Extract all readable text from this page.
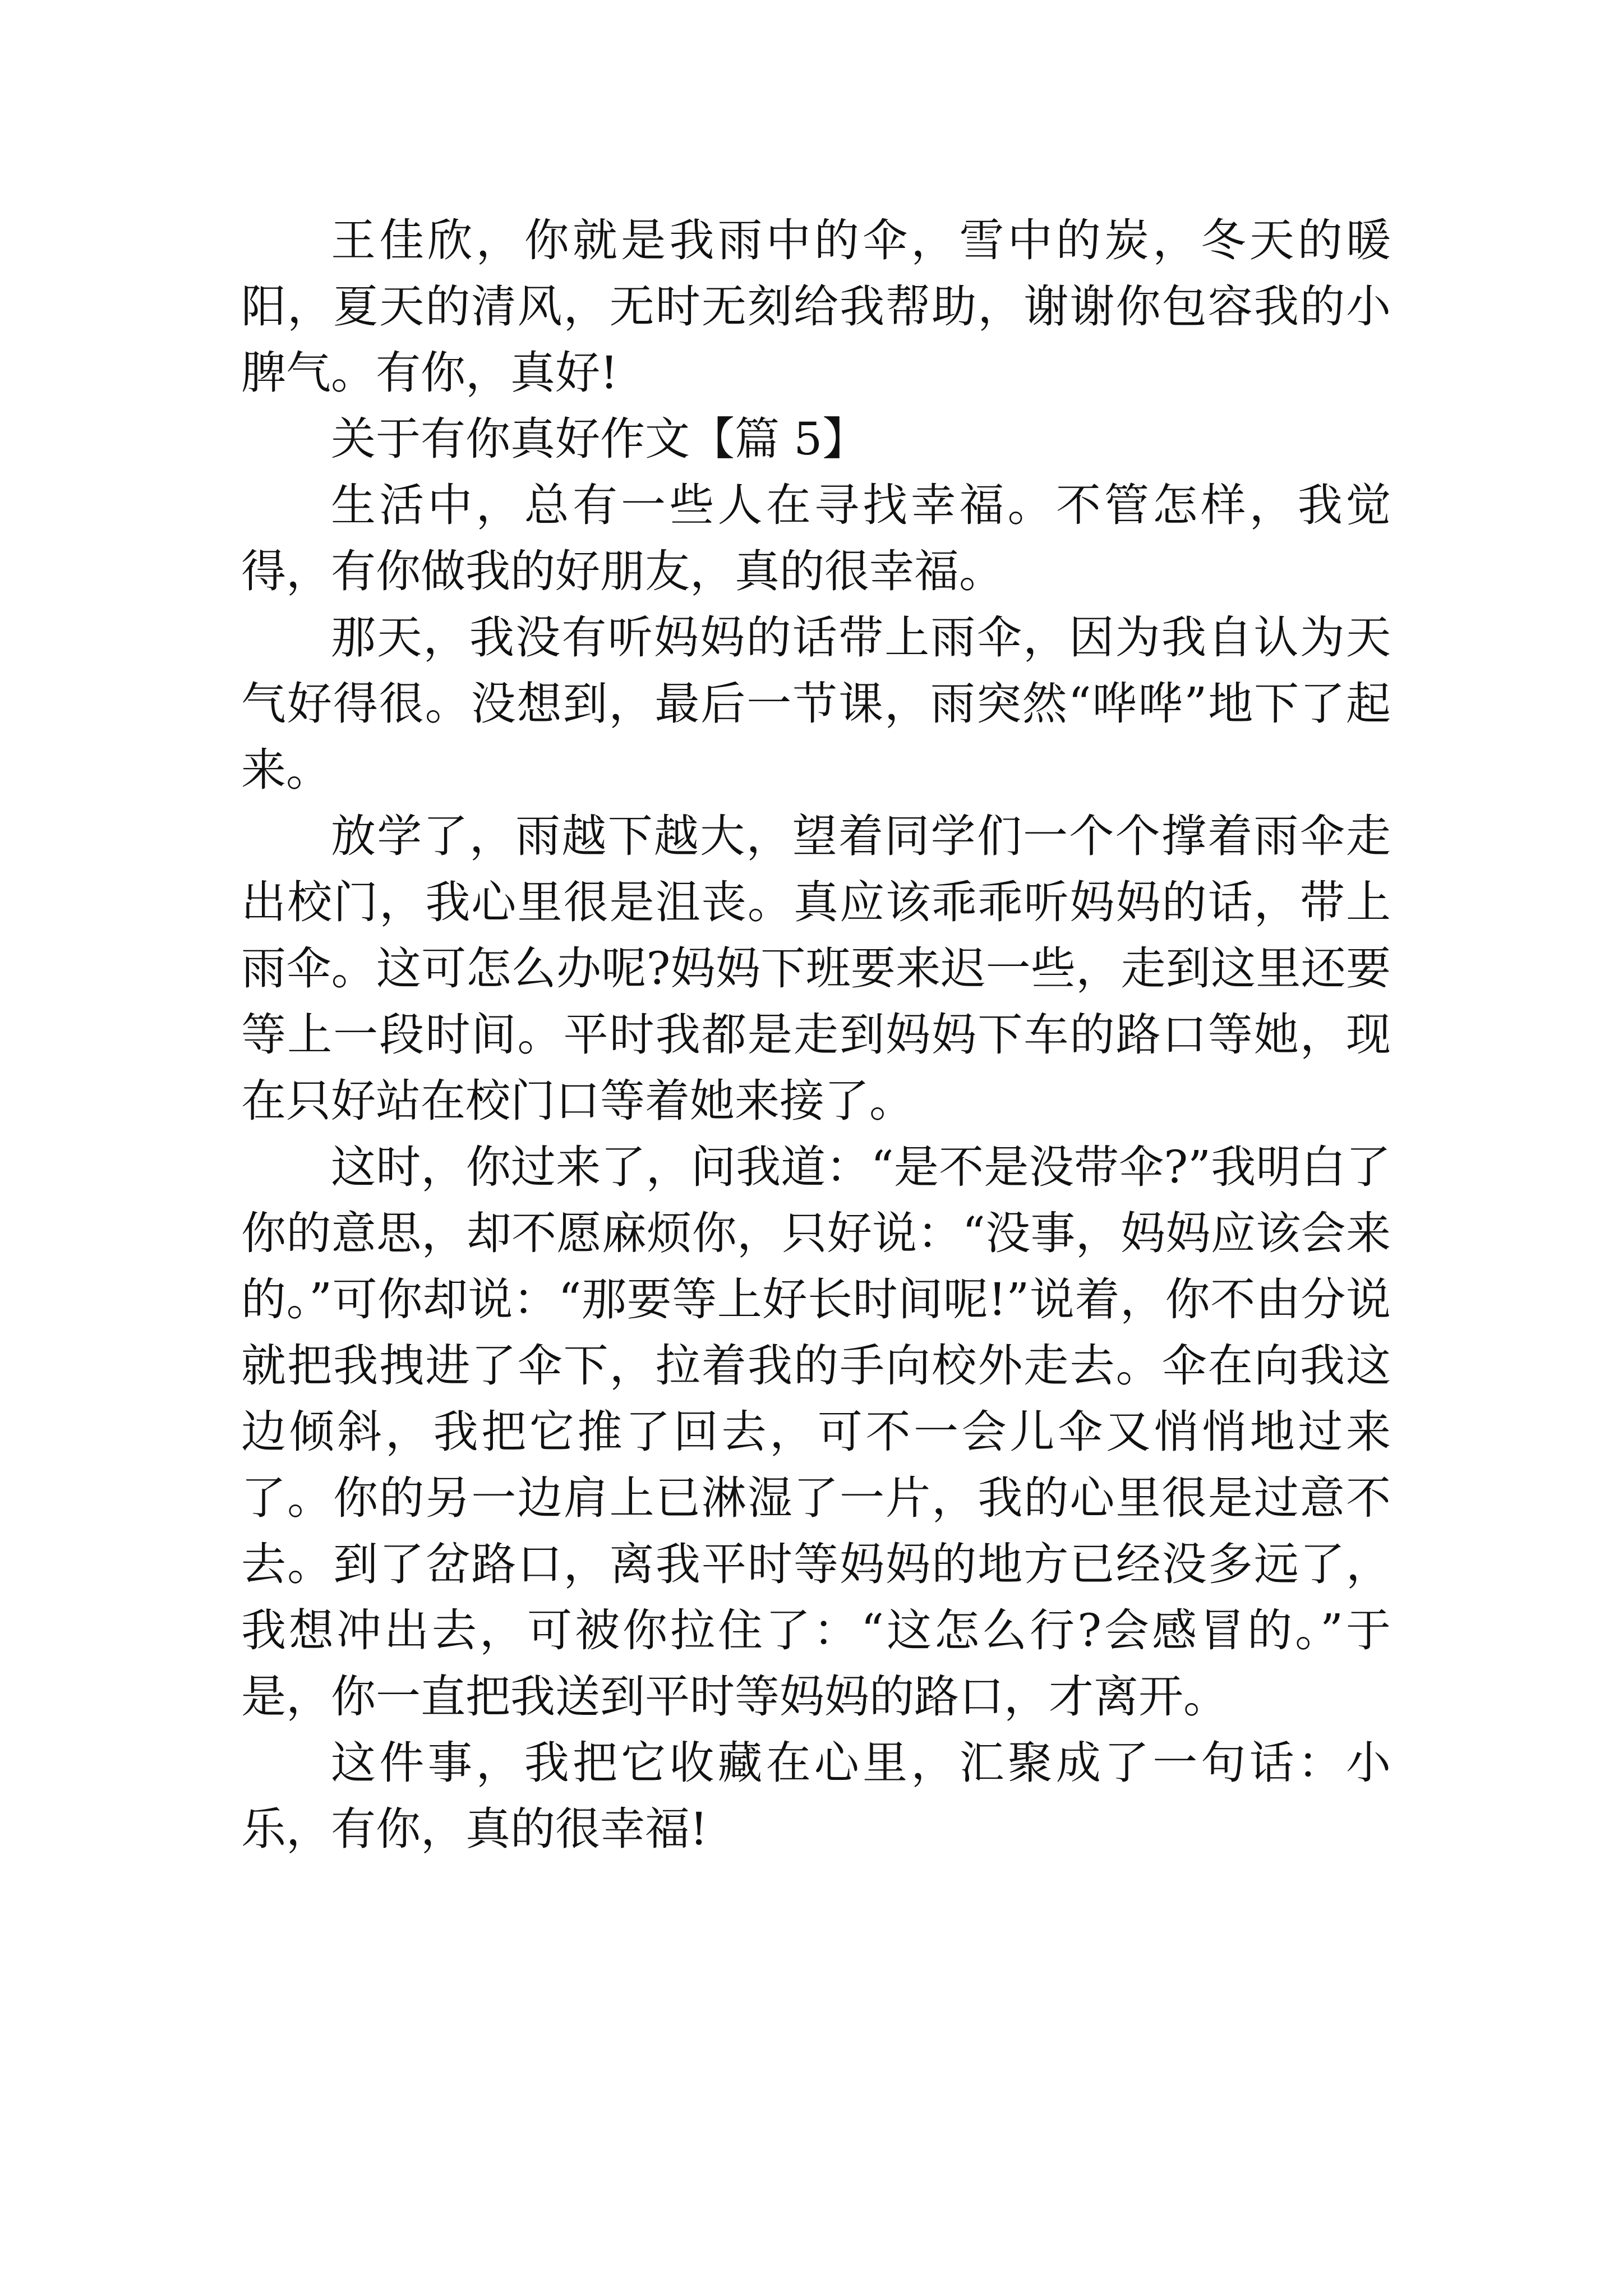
王佳欣，你就是我雨中的伞，雪中的炭，冬天的暖阳，夏天的清风，无时无刻给我帮助，谢谢你包容我的小脾气。有你，真好!

关于有你真好作文【篇 5】

生活中，总有一些人在寻找幸福。不管怎样，我觉得，有你做我的好朋友，真的很幸福。

那天，我没有听妈妈的话带上雨伞，因为我自认为天气好得很。没想到，最后一节课，雨突然“哗哗”地下了起来。

放学了，雨越下越大，望着同学们一个个撑着雨伞走出校门，我心里很是沮丧。真应该乖乖听妈妈的话，带上雨伞。这可怎么办呢?妈妈下班要来迟一些，走到这里还要等上一段时间。平时我都是走到妈妈下车的路口等她，现在只好站在校门口等着她来接了。

这时，你过来了，问我道：“是不是没带伞?”我明白了你的意思，却不愿麻烦你，只好说：“没事，妈妈应该会来的。”可你却说：“那要等上好长时间呢!”说着，你不由分说就把我拽进了伞下，拉着我的手向校外走去。伞在向我这边倾斜，我把它推了回去，可不一会儿伞又悄悄地过来了。你的另一边肩上已淋湿了一片，我的心里很是过意不去。到了岔路口，离我平时等妈妈的地方已经没多远了，我想冲出去，可被你拉住了：“这怎么行?会感冒的。”于是，你一直把我送到平时等妈妈的路口，才离开。

这件事，我把它收藏在心里，汇聚成了一句话：小乐，有你，真的很幸福!
